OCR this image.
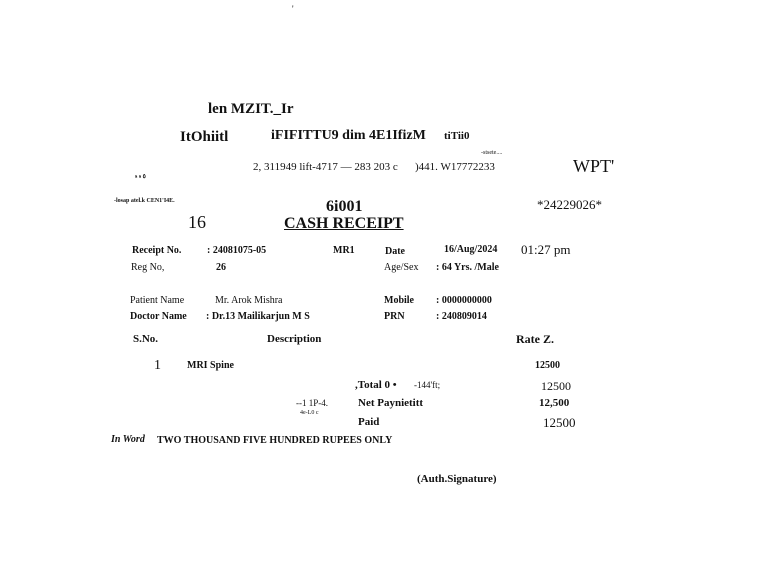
'
len MZIT._Ir
ItOhiitl	iFIFITTU9 dim 4E1IfizM tiTii0
-stsete....
2, 311949 lift-4717 — 283 203 c )441. W17772233	WPT'
s s ٥
-losap atel.k CEN1'I4E.	6i001	*24229026*
16	CASH RECEIPT
Receipt No.	: 24081075-05	MR1	Date	16/Aug/2024 01:27 pm
Reg No,	26	Age/Sex : 64 Yrs. /Male
Patient Name	Mr. Arok Mishra	Mobile : 0000000000
Doctor Name : Dr.13 Mailikarjun M S	PRN	: 240809014
S.No.	Description	Rate Z.
1	MRI Spine	12500
,Total 0 • -144'ft;	12500
--1 1P-4.
4e-L0 c
Net Paynietitt	12,500
Paid	12500
In Word TWO THOUSAND FIVE HUNDRED RUPEES ONLY
(Auth.Signature)
